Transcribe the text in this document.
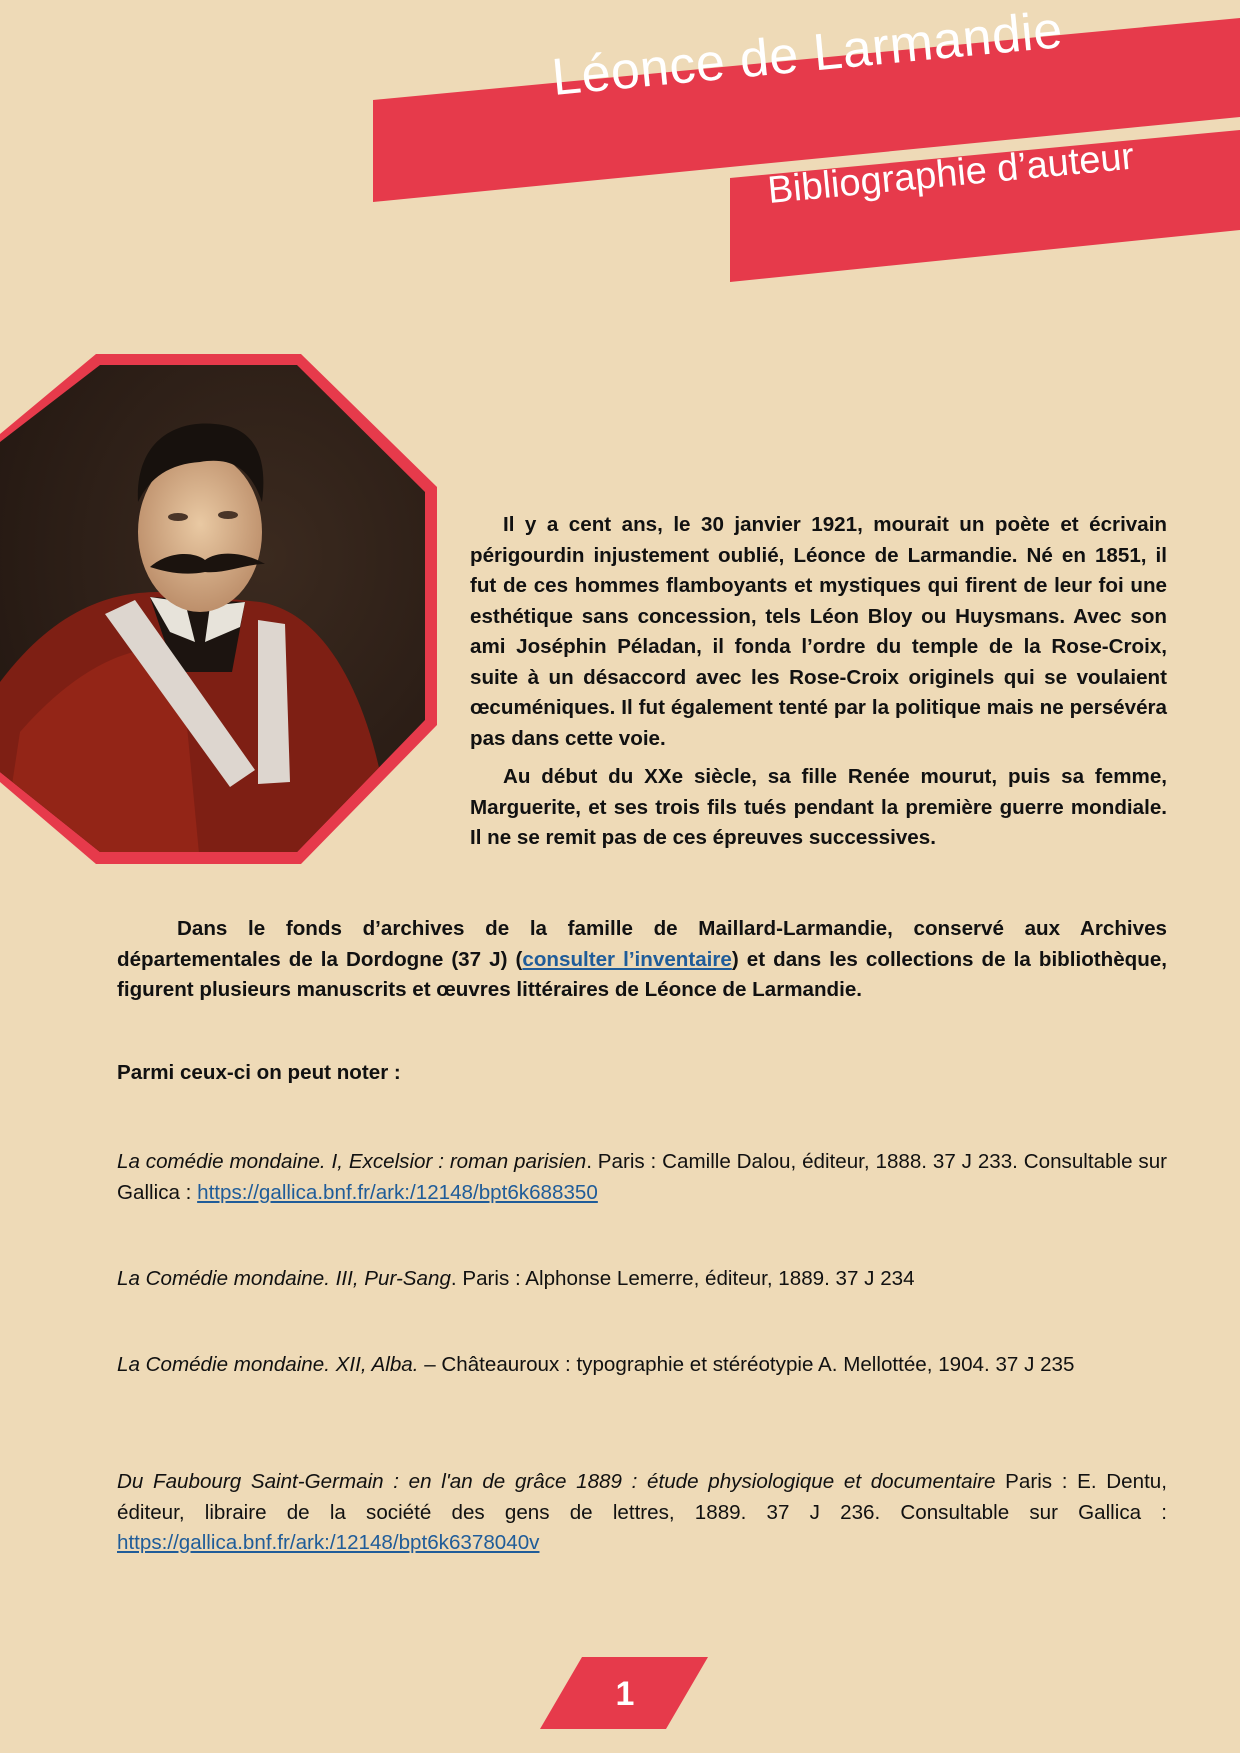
Léonce de Larmandie
Bibliographie d’auteur

Il y a cent ans, le 30 janvier 1921, mourait un poète et écrivain périgourdin injustement oublié, Léonce de Larmandie. Né en 1851, il fut de ces hommes flamboyants et mystiques qui firent de leur foi une esthétique sans concession, tels Léon Bloy ou Huysmans. Avec son ami Joséphin Péladan, il fonda l’ordre du temple de la Rose-Croix, suite à un désaccord avec les Rose-Croix originels qui se voulaient œcuméniques. Il fut également tenté par la politique mais ne persévéra pas dans cette voie.

Au début du XXe siècle, sa fille Renée mourut, puis sa femme, Marguerite, et ses trois fils tués pendant la première guerre mondiale. Il ne se remit pas de ces épreuves successives.

Dans le fonds d’archives de la famille de Maillard-Larmandie, conservé aux Archives départementales de la Dordogne (37 J) (consulter l’inventaire) et dans les collections de la bibliothèque, figurent plusieurs manuscrits et œuvres littéraires de Léonce de Larmandie.

Parmi ceux-ci on peut noter :
La comédie mondaine. I, Excelsior : roman parisien. Paris : Camille Dalou, éditeur, 1888. 37 J 233. Consultable sur Gallica : https://gallica.bnf.fr/ark:/12148/bpt6k688350
La Comédie mondaine. III, Pur-Sang. Paris : Alphonse Lemerre, éditeur, 1889. 37 J 234
La Comédie mondaine. XII, Alba. – Châteauroux : typographie et stéréotypie A. Mellottée, 1904. 37 J 235
Du Faubourg Saint-Germain : en l'an de grâce 1889 : étude physiologique et documentaire Paris : E. Dentu, éditeur, libraire de la société des gens de lettres, 1889. 37 J 236. Consultable sur Gallica : https://gallica.bnf.fr/ark:/12148/bpt6k6378040v
1
